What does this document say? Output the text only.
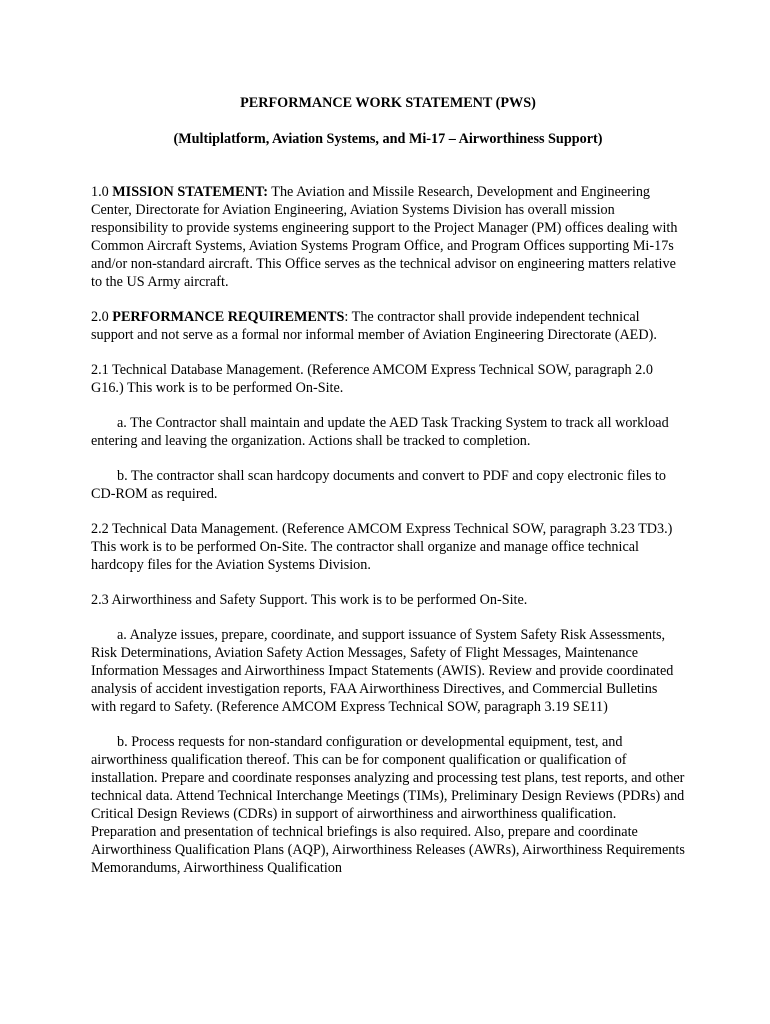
PERFORMANCE WORK STATEMENT (PWS)

(Multiplatform, Aviation Systems, and Mi-17 – Airworthiness Support)

1.0 MISSION STATEMENT: The Aviation and Missile Research, Development and Engineering Center, Directorate for Aviation Engineering, Aviation Systems Division has overall mission responsibility to provide systems engineering support to the Project Manager (PM) offices dealing with Common Aircraft Systems, Aviation Systems Program Office, and Program Offices supporting Mi-17s and/or non-standard aircraft. This Office serves as the technical advisor on engineering matters relative to the US Army aircraft.

2.0 PERFORMANCE REQUIREMENTS: The contractor shall provide independent technical support and not serve as a formal nor informal member of Aviation Engineering Directorate (AED).

2.1 Technical Database Management. (Reference AMCOM Express Technical SOW, paragraph 2.0 G16.) This work is to be performed On-Site.

a. The Contractor shall maintain and update the AED Task Tracking System to track all workload entering and leaving the organization. Actions shall be tracked to completion.

b. The contractor shall scan hardcopy documents and convert to PDF and copy electronic files to CD-ROM as required.

2.2 Technical Data Management. (Reference AMCOM Express Technical SOW, paragraph 3.23 TD3.) This work is to be performed On-Site. The contractor shall organize and manage office technical hardcopy files for the Aviation Systems Division.

2.3 Airworthiness and Safety Support. This work is to be performed On-Site.

a. Analyze issues, prepare, coordinate, and support issuance of System Safety Risk Assessments, Risk Determinations, Aviation Safety Action Messages, Safety of Flight Messages, Maintenance Information Messages and Airworthiness Impact Statements (AWIS). Review and provide coordinated analysis of accident investigation reports, FAA Airworthiness Directives, and Commercial Bulletins with regard to Safety. (Reference AMCOM Express Technical SOW, paragraph 3.19 SE11)

b. Process requests for non-standard configuration or developmental equipment, test, and airworthiness qualification thereof. This can be for component qualification or qualification of installation. Prepare and coordinate responses analyzing and processing test plans, test reports, and other technical data. Attend Technical Interchange Meetings (TIMs), Preliminary Design Reviews (PDRs) and Critical Design Reviews (CDRs) in support of airworthiness and airworthiness qualification. Preparation and presentation of technical briefings is also required. Also, prepare and coordinate Airworthiness Qualification Plans (AQP), Airworthiness Releases (AWRs), Airworthiness Requirements Memorandums, Airworthiness Qualification
